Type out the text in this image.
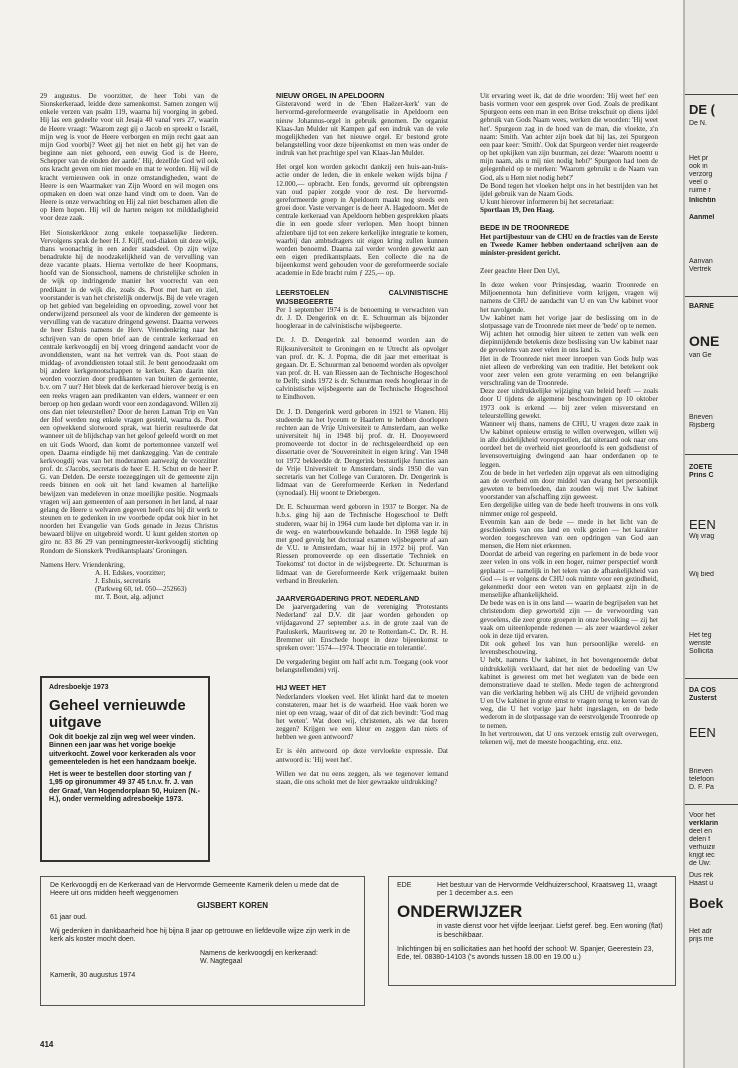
29 augustus. De voorzitter, de heer Tobi van de Sionskerkeraad, leidde deze samenkomst. Samen zongen wij enkele verzen van psalm 119, waarna hij voorging in gebed. Hij las een gedeelte voor uit Jesaja 40 vanaf vers 27, waarin de Heere vraagt: 'Waarom zegt gij o Jacob en spreekt o Israël, mijn weg is voor de Heere verborgen en mijn recht gaat aan mijn God voorbij? Weet gij het niet en hebt gij het van de beginne aan niet gehoord, een euwig God is de Heere, Schepper van de einden der aarde.' Hij, dezelfde God wil ook ons kracht geven om niet moede en mat te worden. Hij wil de kracht vernieuwen ook in onze omstandigheden, want de Heere is een Waarmaker van Zijn Woord en wil mogen ons opmaken en doen wat onze hand vindt om te doen. Van de Heere is onze verwachting en Hij zal niet beschamen allen die op Hem hopen. Hij wil de harten neigen tot milddadigheid voor deze zaak.

Het Sionskerkkoor zong enkele toepasselijke liederen. Vervolgens sprak de heer H. J. Kijff, oud-diaken uit deze wijk, thans woonachtig in een ander stadsdeel. Op zijn wijze benadrukte hij de noodzakelijkheid van de vervulling van deze vacante plaats. Hierna vertolkte de heer Koopmans, hoofd van de Sionsschool, namens de christelijke scholen in de wijk op indringende manier het voorrecht van een predikant in de wijk die, zoals ds. Poot met hart en ziel, voorstander is van het christelijk onderwijs. Bij de vele vragen op het gebied van begeleiding en opvoeding, zowel voor het onderwijzend personeel als voor de kinderen der gemeente is vervulling van de vacature dringend gewenst. Daarna verwees de heer Eshuis namens de Herv. Vriendenkring naar het schrijven van de open brief aan de centrale kerkeraad en centrale kerkvoogdij en bij vroeg dringend aandacht voor de avonddiensten, want na het vertrek van ds. Poot staan de middag- of avonddiensten totaal stil. Je bent genoodzaakt om bij andere kerkgenootschappen te kerken. Kan daarin niet worden voorzien door predikanten van buiten de gemeente, b.v. om 7 uur? Het bleek dat de kerkeraad hierover bezig is en een reeks vragen aan predikanten van elders, wanneer er een beroep op hen gedaan wordt voor een zondagavond. Willen zij ons dan niet teleurstellen? Door de heren Laman Trip en Van der Hof werden nog enkele vragen gesteld, waarna ds. Poot een opwekkend slotwoord sprak, wat hierin resulteerde dat wanneer uit de blijdschap van het geloof geleefd wordt en met en uit Gods Woord, dan komt de portemonnee vanzelf wel open. Daarna eindigde hij met dankzegging. Van de centrale kerkvoogdij was van het moderamen aanwezig de voorzitter prof. dr. s'Jacobs, secretaris de heer E. H. Schut en de heer P. G. van Delden. De eerste toezeggingen uit de gemeente zijn reeds binnen en ook uit het land kwamen al hartelijke bewijzen van medeleven in onze moeilijke positie. Nogmaals vragen wij aan gemeenten of aan personen in het land, al naar gelang de Heere u welvaren gegeven heeft ons bij dit werk te steunen en te gedenken in uw voorbede opdat ook hier in het noorden het Evangelie van Gods genade in Jezus Christus bewaard blijve en uitgebreid wordt. U kunt gelden storten op giro nr. 83 86 29 van penningmeester-kerkvoogdij stichting Rondom de Sionskerk 'Predikantsplaats' Groningen.

Namens Herv. Vriendenkring,
A. H. Edskes, voorzitter;
J. Eshuis, secretaris
(Parkweg 60, tel. 050—252663)
mr. T. Bout, alg. adjunct
Adresboekje 1973
Geheel vernieuwde uitgave
Ook dit boekje zal zijn weg wel weer vinden. Binnen een jaar was het vorige boekje uitverkocht. Zowel voor kerkeraden als voor gemeenteleden is het een handzaam boekje.
Het is weer te bestellen door storting van ƒ 1,95 op gironummer 49 37 45 t.n.v. fr. J. van der Graaf, Van Hogendorplaan 50, Huizen (N.-H.), onder vermelding adresboekje 1973.
NIEUW ORGEL IN APELDOORN

Gisteravond werd in de 'Eben Haëzer-kerk' van de hervormd-gereformeerde evangelisatie in Apeldoorn een nieuw Johannus-orgel in gebruik genomen. De organist Klaas-Jan Mulder uit Kampen gaf een indruk van de vele mogelijkheden van het nieuwe orgel. Er bestond grote belangstelling voor deze bijeenkomst en men was onder de indruk van het prachtige spel van Klaas-Jan Mulder.

Het orgel kon worden gekocht dankzij een huis-aan-huis-actie onder de leden, die in enkele weken wijds bijna ƒ 12.000,— opbracht. Een fonds, gevormd uit opbrengsten van oud papier zorgde voor de rest. De hervormd-gereformeerde groep in Apeldoorn maakt nog steeds een groei door. Vaste vervanger is de heer A. Hagedoorn. Met de centrale kerkeraad van Apeldoorn hebben gesprekken plaats die in een goede sfeer verlopen. Men hoopt binnen afzienbare tijd tot een zekere kerkelijke integratie te komen, waarbij dan ambtsdragers uit eigen kring zullen kunnen worden benoemd. Daarna zal verder worden gewerkt aan een eigen predikantsplaats. Een collecte die na de bijeenkomst werd gehouden voor de gereformeerde sociale academie in Ede bracht ruim ƒ 225,— op.

LEERSTOELEN CALVINISTISCHE WIJSBEGEERTE

Per 1 september 1974 is de benoeming te verwachten van dr. J. D. Dengerink en dr. E. Schuurman als bijzonder hoogleraar in de calvinistische wijsbegeerte.

Dr. J. D. Dengerink zal benoemd worden aan de Rijksuniversiteit te Groningen en te Utrecht als opvolger van prof. dr. K. J. Popma, die dit jaar met emeritaat is gegaan. Dr. E. Schuurman zal benoemd worden als opvolger van prof. dr. H. van Riessen aan de Technische Hogeschool te Delft; sinds 1972 is dr. Schuurman reeds hoogleraar in de calvinistische wijsbegeerte aan de Technische Hogeschool te Eindhoven.

Dr. J. D. Dengerink werd geboren in 1921 te Vianen. Hij studeerde na het lyceum te Haarlem te hebben doorlopen rechten aan de Vrije Universiteit te Amsterdam, aan welke universiteit hij in 1948 bij prof. dr. H. Dooyeweerd promoveerde tot doctor in de rechtsgeleerdheid op een dissertatie over de 'Souvereiniteit in eigen kring'. Van 1948 tot 1972 bekleedde dr. Dengerink bestuurlijke functies aan de Vrije Universiteit te Amsterdam, sinds 1950 die van secretaris van het College van Curatoren. Dr. Dengerink is lidmaat van de Gereformeerde Kerken in Nederland (synodaal). Hij woont te Driebergen.

Dr. E. Schuurman werd geboren in 1937 te Borger. Na de h.b.s. ging hij aan de Technische Hogeschool te Delft studeren, waar hij in 1964 cum laude het diploma van ir. in de weg- en waterbouwkunde behaalde. In 1968 legde hij met goed gevolg het doctoraal examen wijsbegeerte af aan de V.U. te Amsterdam, waar hij in 1972 bij prof. Van Riessen promoveerde op een dissertatie 'Techniek en Toekomst' tot doctor in de wijsbegeerte. Dr. Schuurman is lidmaat van de Gereformeerde Kerk vrijgemaakt buiten verband in Breukelen.

JAARVERGADERING PROT. NEDERLAND

De jaarvergadering van de vereniging 'Protestants Nederland' zal D.V. dit jaar worden gehouden op vrijdagavond 27 september a.s. in de grote zaal van de Pauluskerk, Mauritsweg nr. 20 te Rotterdam-C. Dr. R. H. Bremmer uit Enschede hoopt in deze bijeenkomst te spreken over: '1574—1974. Theocratie en tolerantie'.

De vergadering begint om half acht n.m. Toegang (ook voor belangstellenden) vrij.

HIJ WEET HET

Nederlanders vloeken veel. Het klinkt hard dat te moeten constateren, maar het is de waarheid. Hoe vaak horen we niet op een vraag, waar of dit of dat zich bevindt: 'God mag het weten'. Wat doen wij, christenen, als we dat horen zeggen? Krijgen we een kleur en zeggen dan niets of hebben we geen antwoord?

Er is één antwoord op deze vervloekte expressie. Dat antwoord is: 'Hij weet het'.

Willen we dat nu eens zeggen, als we tegenover iemand staan, die ons schokt met de hier gewraakte uitdrukking?

Uit ervaring weet ik, dat de drie woorden: 'Hij weet het' een basis vormen voor een gesprek over God. Zoals de predikant Spurgeon eens een man in een Britse trekschuit op diens ijdel gebruik van Gods Naam wees, werken die woorden: 'Hij weet het'. Spurgeon zag in de hoed van de man, die vloekte, z'n naam: Smith. Van achter zijn boek dat hij las, zei Spurgeon een paar keer: 'Smith'. Ook dat Spurgeon verder niet reageerde op het opkijken van zijn buurman, zei deze: 'Waarom noemt u mijn naam, als u mij niet nodig hebt?' Spurgeon had toen de gelegenheid op te merken: 'Waarom gebruikt u de Naam van God, als u Hem niet nodig hebt?'

De Bond tegen het vloeken helpt ons in het bestrijden van het ijdel gebruik van de Naam Gods.

U kunt hierover informeren bij het secretariaat:

Sportlaan 19, Den Haag.

BEDE IN DE TROONREDE

Het partijbestuur van de CHU en de fracties van de Eerste en Tweede Kamer hebben ondertaand schrijven aan de minister-president gericht.

Zeer geachte Heer Den Uyl,

In deze weken voor Prinsjesdag, waarin Troonrede en Miljoenennota hun definitieve vorm krijgen, vragen wij namens de CHU de aandacht van U en van Uw kabinet voor het navolgende.

Uw kabinet nam het vorige jaar de beslissing om in de slotpassage van de Troonrede niet meer de 'bede' op te nemen.

Wij achten het onnodig hier uiteen te zetten van welk een diepinnijdende betekenis deze beslissing van Uw kabinet naar de gevoelens van zeer velen in ons land is.

Het in de Troonrede niet meer inroepen van Gods hulp was niet alleen de verbreking van een traditie. Het betekent ook voor zeer velen een grote verarming en een belangrijke verschraling van de Troonrede.

Deze zeer uitdrukkelijke wijziging van beleid heeft — zoals door U tijdens de algemene beschouwingen op 10 oktober 1973 ook is erkend — bij zeer velen misverstand en teleurstelling gewekt.

Wanneer wij thans, namens de CHU, U vragen deze zaak in Uw kabinet opnieuw ernstig te willen overwegen, willen wij in alle duidelijkheid vooropstellen, dat uiteraard ook naar ons oordeel het de overheid niet geoorloofd is een godsdienst of levensovertuiging dwingend aan haar onderdanen op te leggen.

Zou de bede in het verleden zijn opgevat als een uitnodiging aan de overheid om door middel van dwang het persoonlijk geweten te benvloeden, dan zouden wij met Uw kabinet voorstander van afschaffing zijn geweest.

Een dergelijke uitleg van de bede heeft trouwens in ons volk nimmer enige rol gespeeld.

Evenmin kan aan de bede — mede in het licht van de geschiedenis van ons land en volk gezien — het karakter worden toegeschreven van een opdringen van God aan mensen, die Hem niet erkennen.

Doordat de arbeid van regering en parlement in de bede voor zeer velen in ons volk in een hoger, ruimer perspectief wordt geplaatst — namelijk in het teken van de afhankelijkheid van God — is er volgens de CHU ook ruimte voor een gezindheid, gekenmerkt door een weten van en geplaatst zijn in de menselijke afhankelijkheid.

De bede was en is in ons land — waarin de begrijselen van het christendom diep geworteld zijn — de verwoording van gevoelens, die zeer grote groepen in onze bevolking — zij het vaak om uiteenlopende redenen — als zeer waardevol zeker ook in deze tijd ervaren.

Dit ook geheel los van hun persoonlijke wereld- en levensbeschouwing.

U hebt, namens Uw kabinet, in het bovengenoemde debat uitdrukkelijk verklaard, dat het niet de bedoeling van Uw kabinet is geweest om met het weglaten van de bede een demonstratieve daad te stellen. Mede tegen de achtergrond van die verklaring hebben wij als CHU de vrijheid gevonden U en Uw kabinet in grote ernst te vragen terug te keren van de weg, die U het vorige jaar hebt ingeslagen, en de bede wederom in de slotpassage van de eerstvolgende Troonrede op te nemen.

In het vertrouwen, dat U ons verzoek ernstig zult overwegen, tekenen wij, met de meeste hoogachting, enz. enz.

De Kerkvoogdij en de Kerkeraad van de Hervormde Gemeente Kamerik delen u mede dat de Heere uit ons midden heeft weggenomen
GIJSBERT KOREN
61 jaar oud.
Wij gedenken in dankbaarheid hoe hij bijna 8 jaar op getrouwe en liefdevolle wijze zijn werk in de kerk als koster mocht doen.
Namens de kerkvoogdij en kerkeraad:
W. Nagtegaal
Kamerik, 30 augustus 1974
EDE	Het bestuur van de Hervormde Veldhuizerschool, Kraatsweg 11, vraagt per 1 december a.s. een
ONDERWIJZER
in vaste dienst voor het vijfde leerjaar. Liefst geref. beg. Een woning (flat) is beschikbaar.
Inlichtingen bij en sollicitaties aan het hoofd der school: W. Spanjer, Geerestein 23, Ede, tel. 08380-14103 ('s avonds tussen 18.00 en 19.00 u.)
414
DE (
De N.
Het pr
ook in
verzorg
veel o
ruime r
Inlichtin
Aanmel
Aanvan
Vertrek
BARNE
ONE
van Ge
Brieven
Rijsberg
ZOETE
Prins C
EEN
Wij vrag
Wij bied
Het teg
wenste
Sollicita
DA COS
Zusterst
EEN
Brieven
telefoon
D. F. Pa
Voor het
verklarin
deel en
delen f
verhuizir
krijgt iec
de Uw:
Dus rek
Haast u
Boek
Het adr
prijs me
